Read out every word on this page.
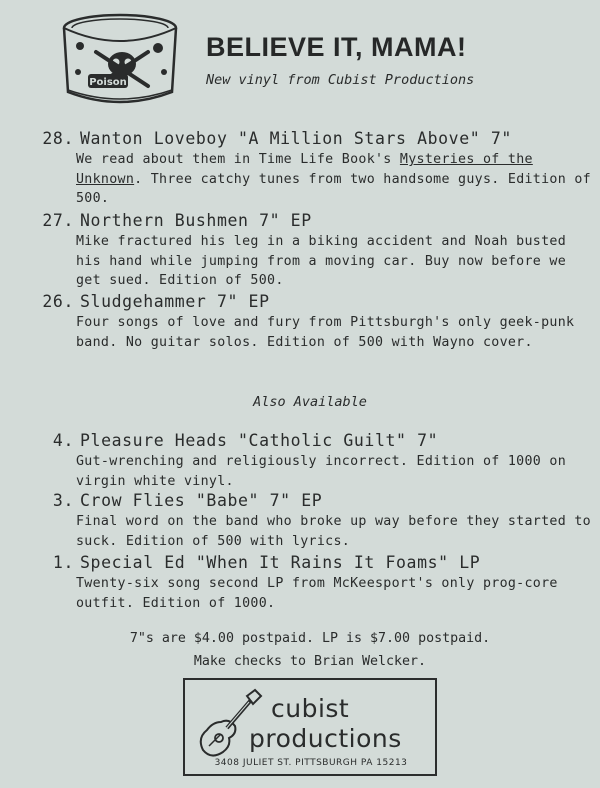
Poison
BELIEVE IT, MAMA!
New vinyl from Cubist Productions
28. Wanton Loveboy "A Million Stars Above" 7"
We read about them in Time Life Book's Mysteries of the Unknown. Three catchy tunes from two handsome guys. Edition of 500.
27. Northern Bushmen 7" EP
Mike fractured his leg in a biking accident and Noah busted his hand while jumping from a moving car. Buy now before we get sued. Edition of 500.
26. Sludgehammer 7" EP
Four songs of love and fury from Pittsburgh's only geek-punk band. No guitar solos. Edition of 500 with Wayno cover.
Also Available
4. Pleasure Heads "Catholic Guilt" 7"
Gut-wrenching and religiously incorrect. Edition of 1000 on virgin white vinyl.
3. Crow Flies "Babe" 7" EP
Final word on the band who broke up way before they started to suck. Edition of 500 with lyrics.
1. Special Ed "When It Rains It Foams" LP
Twenty-six song second LP from McKeesport's only prog-core outfit. Edition of 1000.
7"s are $4.00 postpaid. LP is $7.00 postpaid.
Make checks to Brian Welcker.
cubist
productions
3408 JULIET ST. PITTSBURGH PA 15213
